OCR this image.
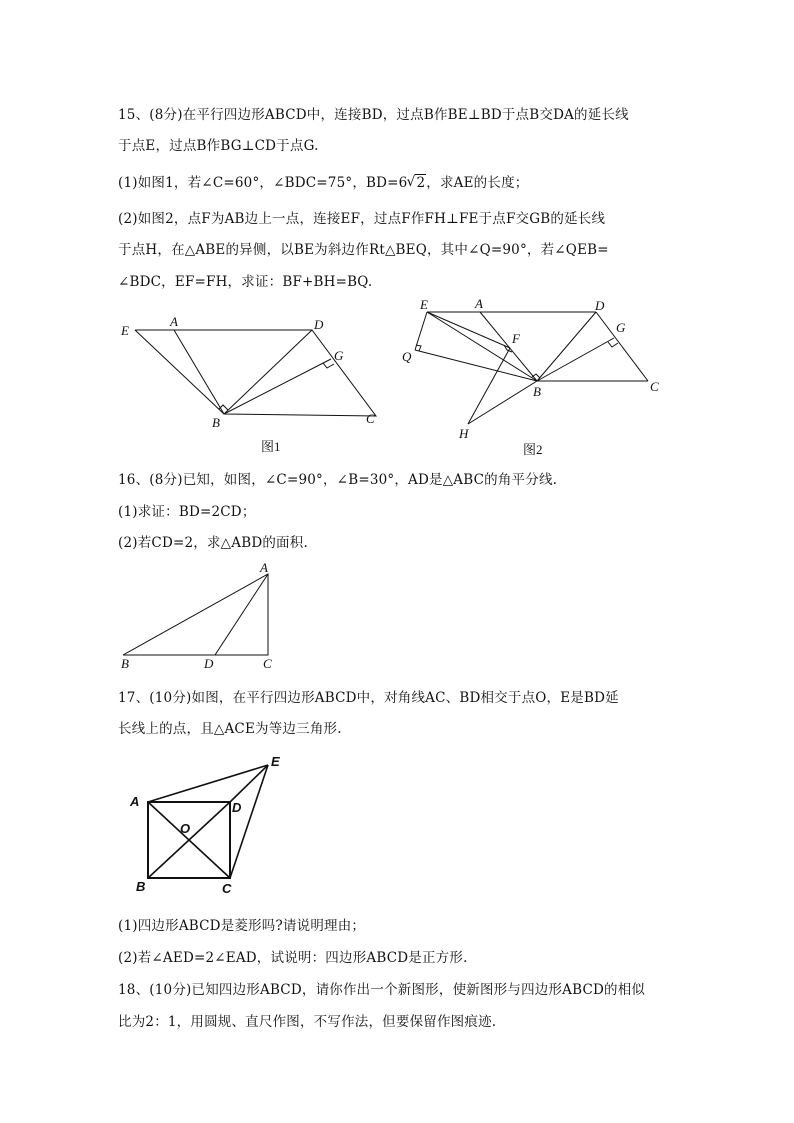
15、(8分)在平行四边形ABCD中，连接BD，过点B作BE⊥BD于点B交DA的延长线
于点E，过点B作BG⊥CD于点G.
(1)如图1，若∠C=60°，∠BDC=75°，BD=6√ 2，求AE的长度；
(2)如图2，点F为AB边上一点，连接EF，过点F作FH⊥FE于点F交GB的延长线
于点H，在△ABE的异侧，以BE为斜边作Rt△BEQ，其中∠Q=90°，若∠QEB=
∠BDC，EF=FH，求证：BF+BH=BQ.
E
A	D
G
B	C
图1
E	A	D
G
F
Q
B	C
H
图2
16、(8分)已知，如图，∠C=90°，∠B=30°，AD是△ABC的角平分线.
(1)求证：BD=2CD；
(2)若CD=2，求△ABD的面积.
A
B	D	C
17、(10分)如图，在平行四边形ABCD中，对角线AC、BD相交于点O，E是BD延
长线上的点，且△ACE为等边三角形.
A
B	C
D
O
E
(1)四边形ABCD是菱形吗?请说明理由；
(2)若∠AED=2∠EAD，试说明：四边形ABCD是正方形.
18、(10分)已知四边形ABCD，请你作出一个新图形，使新图形与四边形ABCD的相似
比为2：1，用圆规、直尺作图，不写作法，但要保留作图痕迹.
